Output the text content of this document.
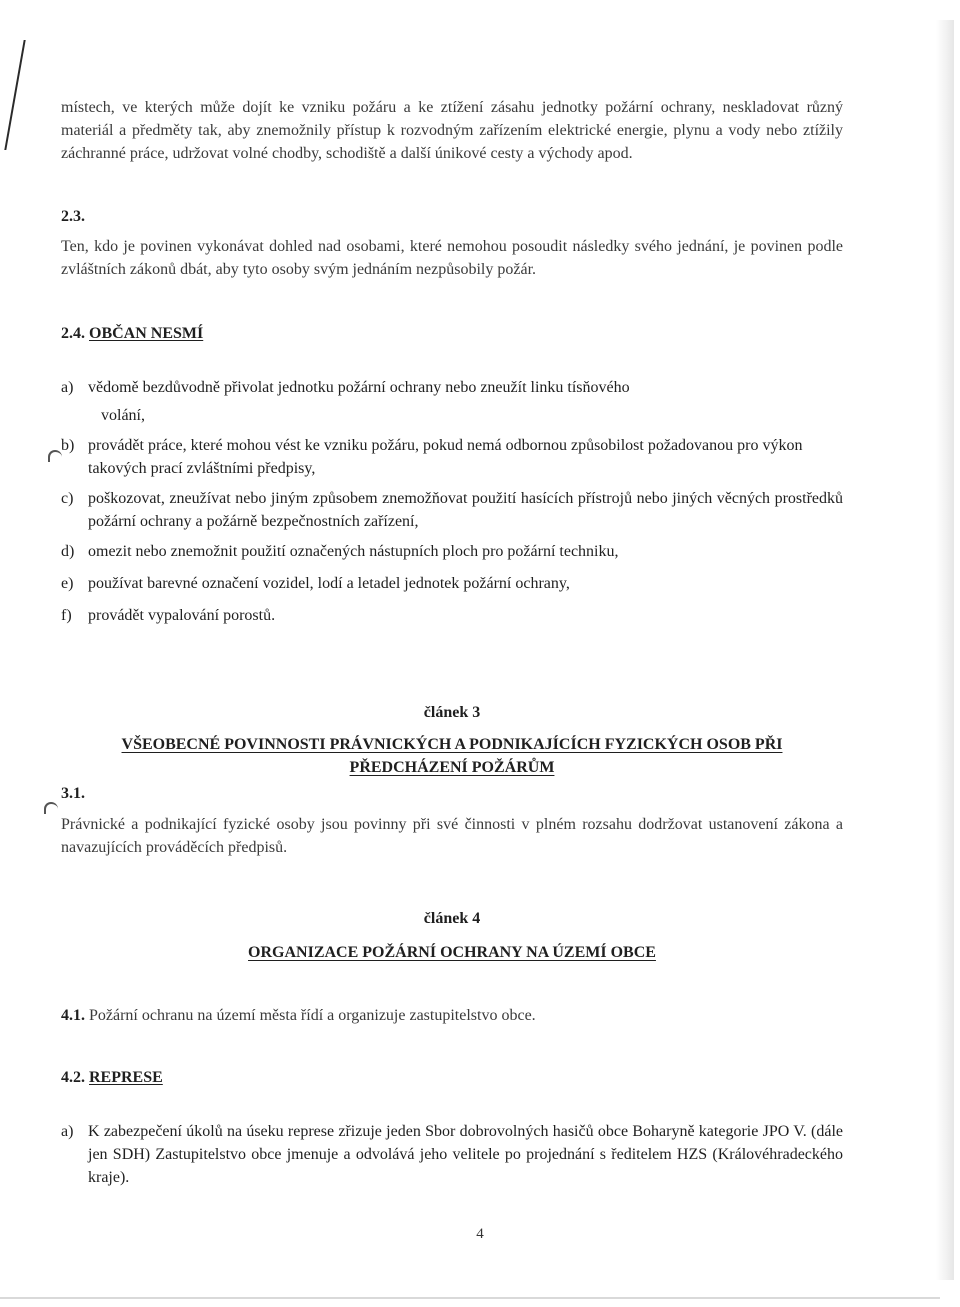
místech, ve kterých může dojít ke vzniku požáru a ke ztížení zásahu jednotky požární ochrany, neskladovat různý materiál a předměty tak, aby znemožnily přístup k rozvodným zařízením elektrické energie, plynu a vody nebo ztížily záchranné práce, udržovat volné chodby, schodiště a další únikové cesty a východy apod.

2.3.

Ten, kdo je povinen vykonávat dohled nad osobami, které nemohou posoudit následky svého jednání, je povinen podle zvláštních zákonů dbát, aby tyto osoby svým jednáním nezpůsobily požár.

2.4. OBČAN NESMÍ

a) vědomě bezdůvodně přivolat jednotku požární ochrany nebo zneužít linku tísňového
volání,
b) provádět práce, které mohou vést ke vzniku požáru, pokud nemá odbornou způsobilost požadovanou pro výkon takových prací zvláštními předpisy,
c) poškozovat, zneužívat nebo jiným způsobem znemožňovat použití hasících přístrojů nebo jiných věcných prostředků požární ochrany a požárně bezpečnostních zařízení,
d) omezit nebo znemožnit použití označených nástupních ploch pro požární techniku,
e) používat barevné označení vozidel, lodí a letadel jednotek požární ochrany,
f)	provádět vypalování porostů.

článek 3

VŠEOBECNÉ POVINNOSTI PRÁVNICKÝCH A PODNIKAJÍCÍCH FYZICKÝCH OSOB PŘI

PŘEDCHÁZENÍ POŽÁRŮM

3.1.

Právnické a podnikající fyzické osoby jsou povinny při své činnosti v plném rozsahu dodržovat ustanovení zákona a navazujících prováděcích předpisů.

článek 4

ORGANIZACE POŽÁRNÍ OCHRANY NA ÚZEMÍ OBCE

4.1. Požární ochranu na území města řídí a organizuje zastupitelstvo obce.

4.2. REPRESE

a) K zabezpečení úkolů na úseku represe zřizuje jeden Sbor dobrovolných hasičů obce Boharyně kategorie JPO V. (dále jen SDH) Zastupitelstvo obce jmenuje a odvolává jeho velitele po projednání s ředitelem HZS (Královéhradeckého kraje).
4
